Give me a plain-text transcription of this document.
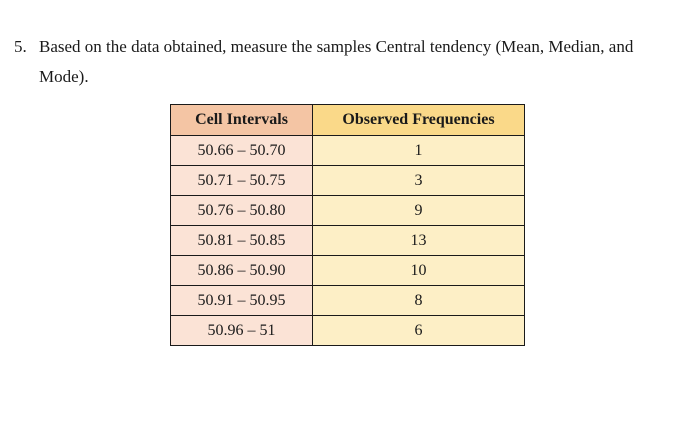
5. Based on the data obtained, measure the samples Central tendency (Mean, Median, and
Mode).
Cell Intervals	Observed Frequencies
50.66 – 50.70	1
50.71 – 50.75	3
50.76 – 50.80	9
50.81 – 50.85	13
50.86 – 50.90	10
50.91 – 50.95	8
50.96 – 51	6
